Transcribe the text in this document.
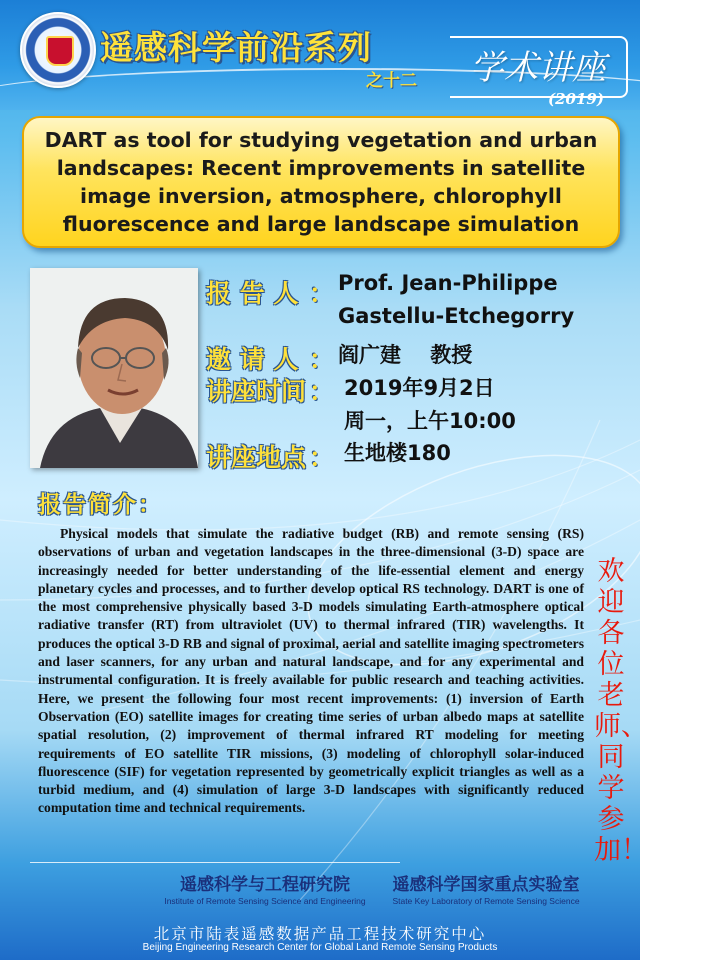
遥感科学前沿系列
之十二 学术讲座
(2019)
DART as tool for studying vegetation and urban landscapes: Recent improvements in satellite image inversion, atmosphere, chlorophyll fluorescence and large landscape simulation
报 告 人 ： Prof. Jean-Philippe
Gastellu-Etchegorry
邀 请 人 ： 阎广建    教授
讲座时间 ： 2019年9月2日
周一，上午10:00
讲座地点 ： 生地楼180
报告简介：

Physical models that simulate the radiative budget (RB) and remote sensing (RS) observations of urban and vegetation landscapes in the three-dimensional (3-D) space are increasingly needed for better understanding of the life-essential element and energy planetary cycles and processes, and to further develop optical RS technology. DART is one of the most comprehensive physically based 3-D models simulating Earth-atmosphere optical radiative transfer (RT) from ultraviolet (UV) to thermal infrared (TIR) wavelengths. It produces the optical 3-D RB and signal of proximal, aerial and satellite imaging spectrometers and laser scanners, for any urban and natural landscape, and for any experimental and instrumental configuration. It is freely available for public research and teaching activities. Here, we present the following four most recent improvements: (1) inversion of Earth Observation (EO) satellite images for creating time series of urban albedo maps at satellite spatial resolution, (2) improvement of thermal infrared RT modeling for meeting requirements of EO satellite TIR missions, (3) modeling of chlorophyll solar-induced fluorescence (SIF) for vegetation represented by geometrically explicit triangles as well as a turbid medium, and (4) simulation of large 3-D landscapes with significantly reduced computation time and technical requirements.

欢迎各位老师、同学参加！
遥感科学与工程研究院
Institute of Remote Sensing Science and Engineering
遥感科学国家重点实验室
State Key Laboratory of Remote Sensing Science
北京市陆表遥感数据产品工程技术研究中心
Beijing Engineering Research Center for Global Land Remote Sensing Products
